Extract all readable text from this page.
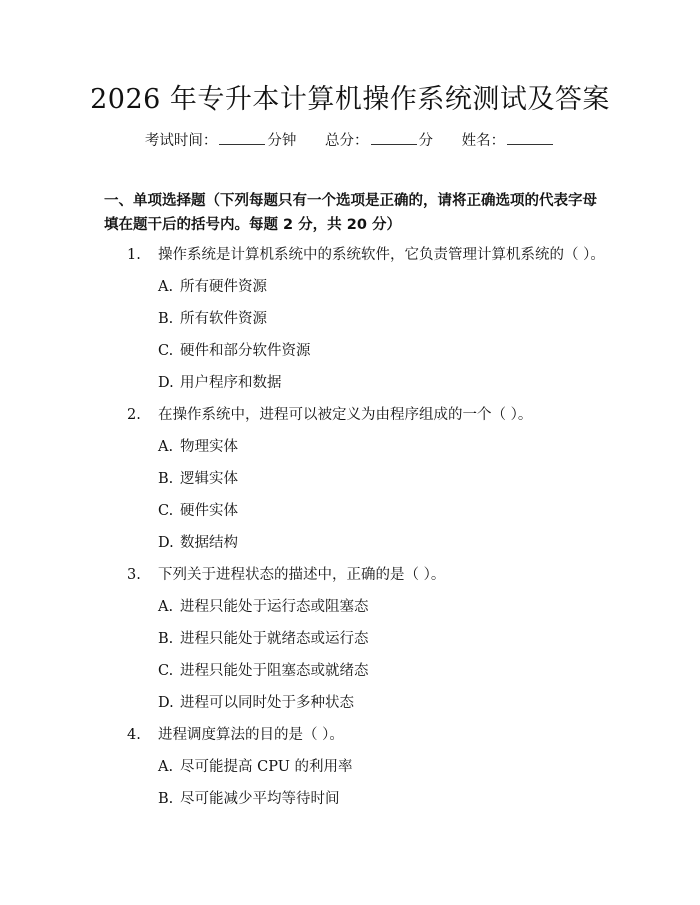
2026 年专升本计算机操作系统测试及答案
考试时间：	分钟 总分：	分 姓名：
一、单项选择题（下列每题只有一个选项是正确的，请将正确选项的代表字母填在题干后的括号内。每题 2 分，共 20 分）
1. 操作系统是计算机系统中的系统软件，它负责管理计算机系统的（ ）。
A. 所有硬件资源
B. 所有软件资源
C. 硬件和部分软件资源
D. 用户程序和数据
2. 在操作系统中，进程可以被定义为由程序组成的一个（ ）。
A. 物理实体
B. 逻辑实体
C. 硬件实体
D. 数据结构
3. 下列关于进程状态的描述中，正确的是（ ）。
A. 进程只能处于运行态或阻塞态
B. 进程只能处于就绪态或运行态
C. 进程只能处于阻塞态或就绪态
D. 进程可以同时处于多种状态
4. 进程调度算法的目的是（ ）。
A. 尽可能提高 CPU 的利用率
B. 尽可能减少平均等待时间
